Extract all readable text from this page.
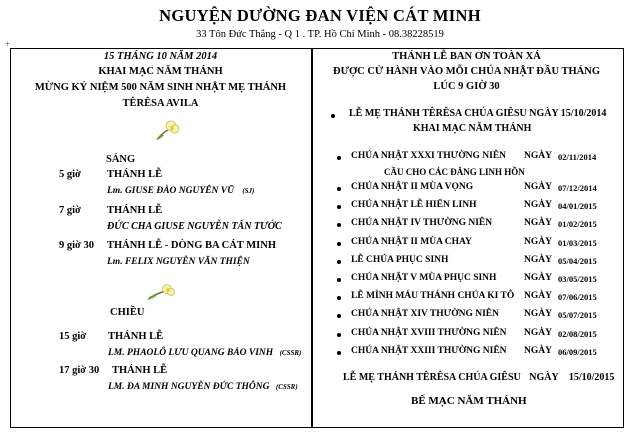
NGUYỆN DƯỜNG ĐAN VIỆN CÁT MINH
33 Tôn Đức Thắng - Q 1 . TP. Hồ Chí Minh - 08.38228519
+
15 THÁNG 10 NĂM 2014
KHAI MẠC NĂM THÁNH
MỪNG KỶ NIỆM 500 NĂM SINH NHẬT MẸ THÁNH
TÊRÊSA AVILA
SÁNG
5 giờ THÁNH LỄ
Lm. GIUSE ĐÀO NGUYÊN VŨ (SJ)
7 giờ THÁNH LỄ
ĐỨC CHA GIUSE NGUYỄN TẤN TƯỚC
9 giờ 30 THÁNH LỄ - DÒNG BA CÁT MINH
Lm. FELIX NGUYỄN VĂN THIỆN
CHIỀU
15 giờ THÁNH LỄ
LM. PHAOLÔ LƯU QUANG BẢO VINH (CSSR)
17 giờ 30 THÁNH LỄ
LM. ĐA MINH NGUYỄN ĐỨC THÔNG (CSSR)
THÁNH LỄ BAN ƠN TOÀN XÁ
ĐƯỢC CỬ HÀNH VÀO MỖI CHÚA NHẬT ĐẦU THÁNG
LÚC 9 GIỜ 30
LỄ MẸ THÁNH TÊRÊSA CHÚA GIÊSU NGÀY 15/10/2014
KHAI MẠC NĂM THÁNH
CHÚA NHẬT XXXI THƯỜNG NIÊN NGÀY 02/11/2014
CẦU CHO CÁC ĐẲNG LINH HỒN
CHÚA NHẬT II MÙA VỌNG	NGÀY 07/12/2014
CHÚA NHẬT LỄ HIỂN LINH	NGÀY 04/01/2015
CHÚA NHẬT IV THƯỜNG NIÊN	NGÀY 01/02/2015
CHÚA NHẬT II MÙA CHAY	NGÀY 01/03/2015
LỄ CHÚA PHỤC SINH	NGÀY 05/04/2015
CHÚA NHẬT V MÙA PHỤC SINH	NGÀY 03/05/2015
LỄ MÌNH MÁU THÁNH CHÚA KI TÔ NGÀY 07/06/2015
CHÚA NHẬT XIV THƯỜNG NIÊN	NGÀY 05/07/2015
CHÚA NHẬT XVIII THƯỜNG NIÊN NGÀY 02/08/2015
CHÚA NHẬT XXIII THƯỜNG NIÊN NGÀY 06/09/2015
LỄ MẸ THÁNH TÊRÊSA CHÚA GIÊSU NGÀY 15/10/2015
BẾ MẠC NĂM THÁNH
